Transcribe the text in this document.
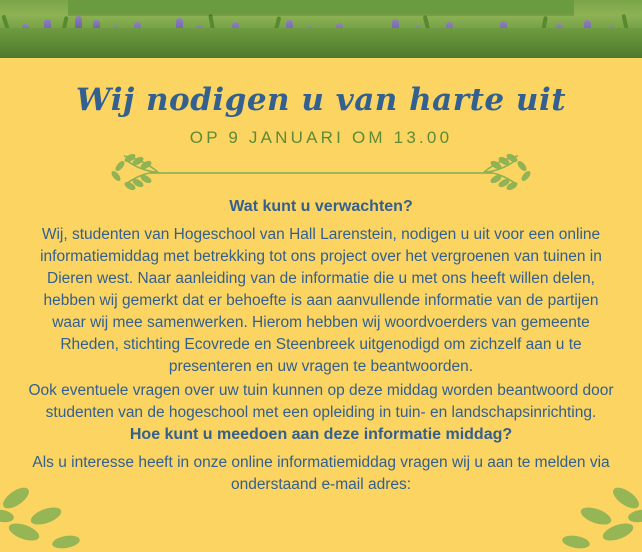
Wij nodigen u van harte uit
OP 9 JANUARI OM 13.00
Wat kunt u verwachten?

Wij, studenten van Hogeschool van Hall Larenstein, nodigen u uit voor een online informatiemiddag met betrekking tot ons project over het vergroenen van tuinen in Dieren west. Naar aanleiding van de informatie die u met ons heeft willen delen, hebben wij gemerkt dat er behoefte is aan aanvullende informatie van de partijen waar wij mee samenwerken. Hierom hebben wij woordvoerders van gemeente Rheden, stichting Ecovrede en Steenbreek uitgenodigd om zichzelf aan u te presenteren en uw vragen te beantwoorden.

Ook eventuele vragen over uw tuin kunnen op deze middag worden beantwoord door studenten van de hogeschool met een opleiding in tuin- en landschapsinrichting.

Hoe kunt u meedoen aan deze informatie middag?

Als u interesse heeft in onze online informatiemiddag vragen wij u aan te melden via onderstaand e-mail adres:
